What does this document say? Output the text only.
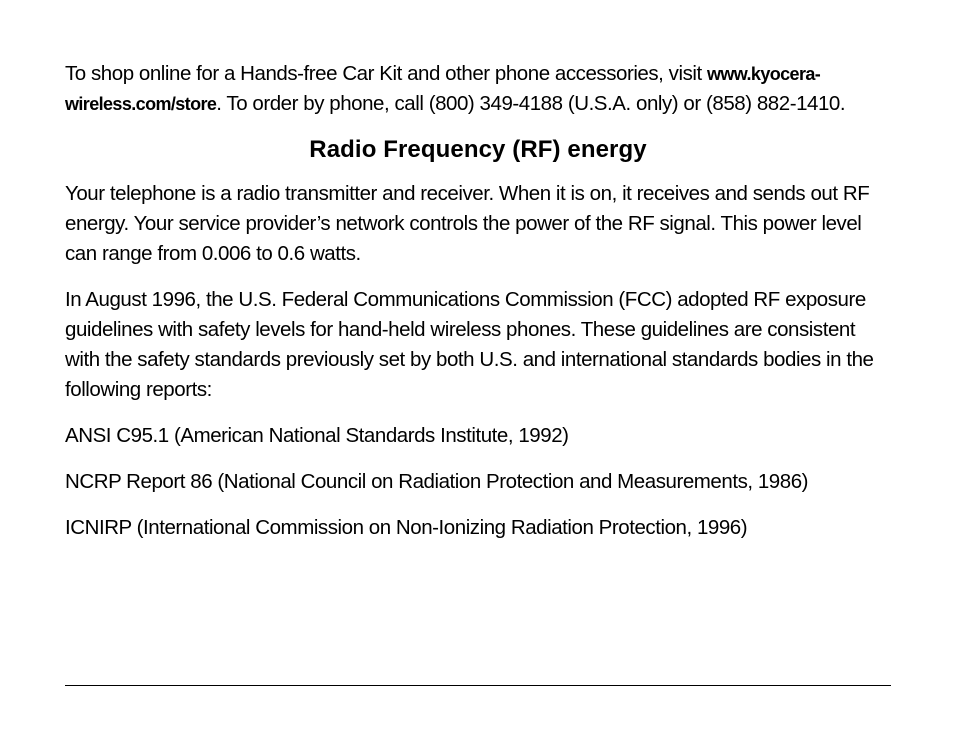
To shop online for a Hands-free Car Kit and other phone accessories, visit www.kyocera-wireless.com/store. To order by phone, call (800) 349-4188 (U.S.A. only) or (858) 882-1410.

Radio Frequency (RF) energy

Your telephone is a radio transmitter and receiver. When it is on, it receives and sends out RF energy. Your service provider’s network controls the power of the RF signal. This power level can range from 0.006 to 0.6 watts.

In August 1996, the U.S. Federal Communications Commission (FCC) adopted RF exposure guidelines with safety levels for hand-held wireless phones. These guidelines are consistent with the safety standards previously set by both U.S. and international standards bodies in the following reports:

ANSI C95.1 (American National Standards Institute, 1992)

NCRP Report 86 (National Council on Radiation Protection and Measurements, 1986)

ICNIRP (International Commission on Non-Ionizing Radiation Protection, 1996)
